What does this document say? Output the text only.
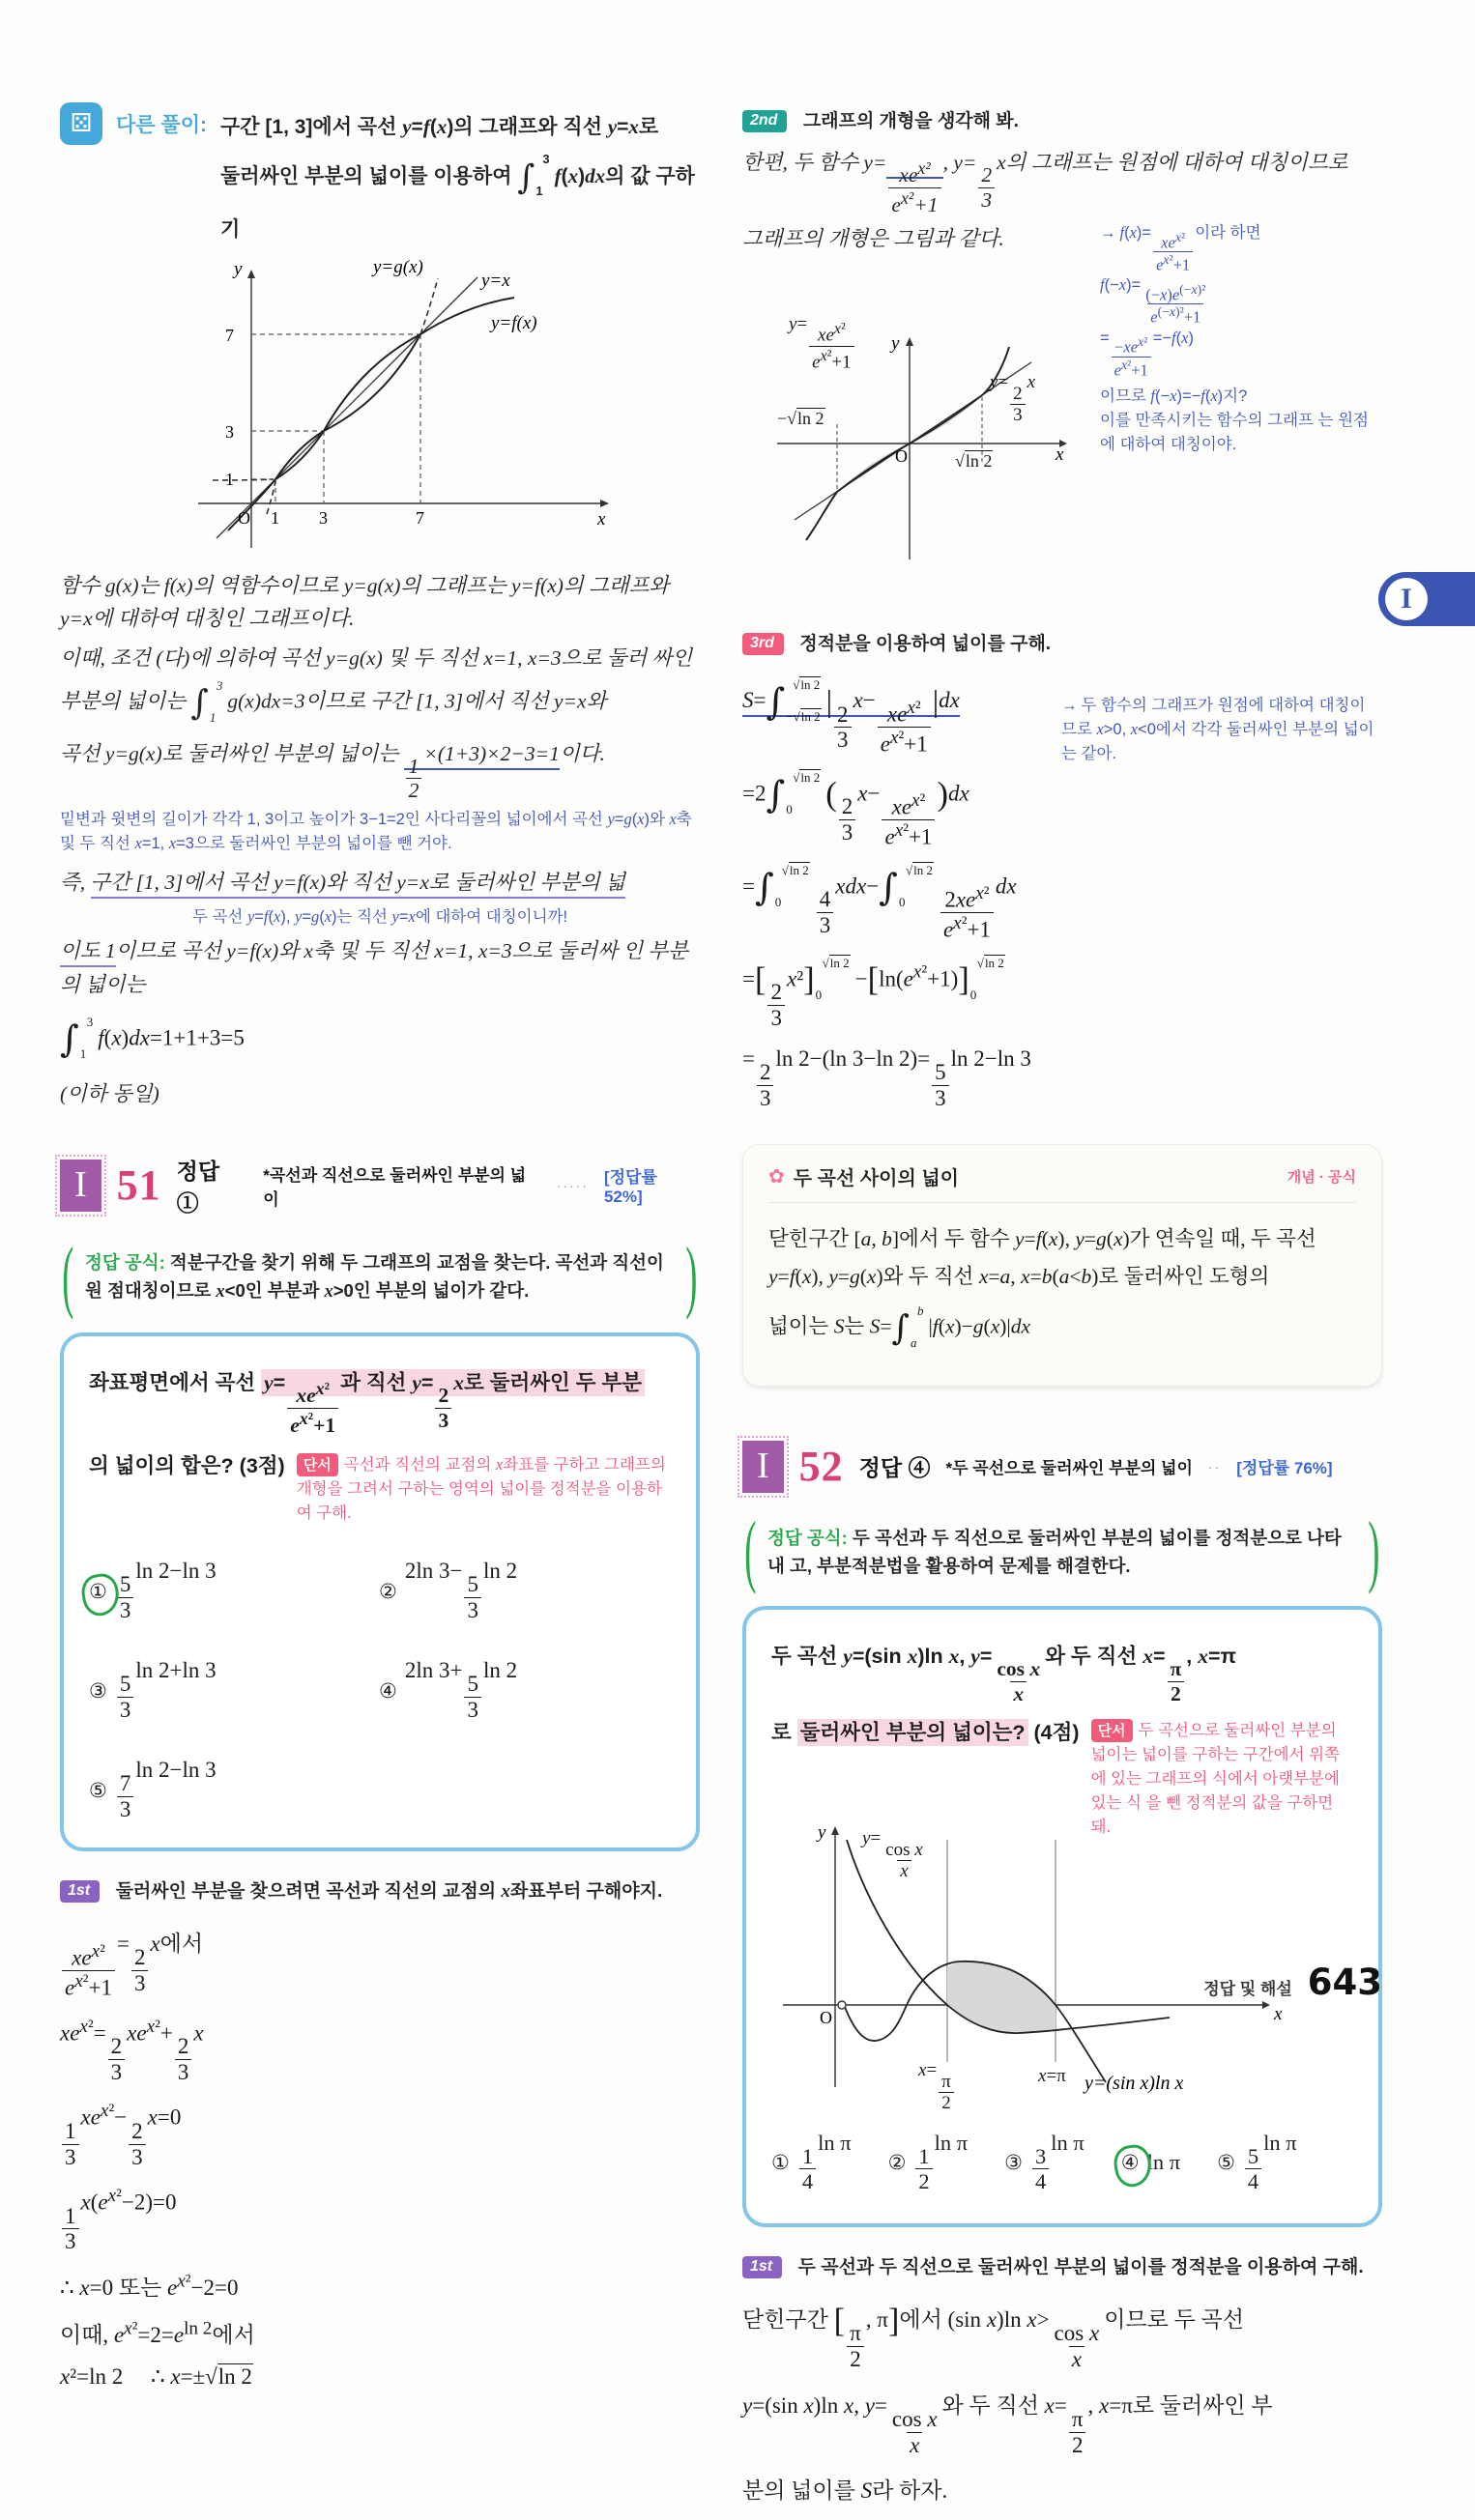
⚄	다른 풀이: 구간 [1, 3]에서 곡선 y=f(x)의 그래프와 직선 y=x로
둘러싸인 부분의 넓이를 이용하여 ∫ 3
1
f(x)dx의 값 구하기
y=g(x)
y=x
y=f(x)
7
3
1
O 1 3	7	x
y
함수 g(x)는 f(x)의 역함수이므로 y=g(x)의 그래프는 y=f(x)의 그래프와 y=x에 대하여 대칭인 그래프이다.
이때, 조건 (다)에 의하여 곡선 y=g(x) 및 두 직선 x=1, x=3으로 둘러 싸인 부분의 넓이는 ∫ 3
1
g(x)dx=3이므로 구간 [1, 3]에서 직선 y=x와
곡선 y=g(x)로 둘러싸인 부분의 넓이는
$\frac{1}{2}$
×(1+3)×2−3=1이다.
밑변과 윗변의 길이가 각각 1, 3이고 높이가 3−1=2인 사다리꼴의 넓이에서 곡선 y=g(x)와 x축 및 두 직선 x=1, x=3으로 둘러싸인 부분의 넓이를 뺀 거야.
즉, 구간 [1, 3]에서 곡선 y=f(x)와 직선 y=x로 둘러싸인 부분의 넓
두 곡선 y=f(x), y=g(x)는 직선 y=x에 대하여 대칭이니까!
이도 1이므로 곡선 y=f(x)와 x축 및 두 직선 x=1, x=3으로 둘러싸 인 부분의 넓이는
∫ 3
1
f(x)dx=1+1+3=5
(이하 동일)
I 51 정답 ①
*곡선과 직선으로 둘러싸인 부분의 넓이
····· [정답률 52%]
( 정답 공식: 적분구간을 찾기 위해 두 그래프의 교점을 찾는다. 곡선과 직선이 원 점대칭이므로 x<0인 부분과 x>0인 부분의 넓이가 같다. )
좌표평면에서 곡선 y=
$xe^{x^2}$
$e^{x^2}+1$
과 직선 y=
$\frac{2}{3}$
x로 둘러싸인 두 부분
의 넓이의 합은? (3점)	단서 곡선과 직선의 교점의 x좌표를 구하고 그래프의 개형을 그려서 구하는 영역의 넓이를 정적분을 이용하여 구해.
① $\frac{5}{3}$
ln 2−ln 3
②
2ln 3−
$\frac{5}{3}$
ln 2
③ $\frac{5}{3}$
ln 2+ln 3
④
2ln 3+
$\frac{5}{3}$
ln 2
⑤ $\frac{7}{3}$
ln 2−ln 3
1st 둘러싸인 부분을 찾으려면 곡선과 직선의 교점의 x좌표부터 구해야지.
$xe^{x^2}$
$e^{x^2}+1$
=
$\frac{2}{3}$
x에서
$xe^{x^2}=$
$\frac{2}{3}$
$xe^{x^2}+$
$\frac{2}{3}$
x
$\frac{1}{3}$
$xe^{x^2}-$
$\frac{2}{3}$
x=0
$\frac{1}{3}$
$x(e^{x^2}-2)=0$
∴ x=0 또는 $e^{x^2}-2=0$
이때, $e^{x^2}=2=e^{ln 2}$에서
x²=ln 2     ∴ x=±√ln 2
2nd 그래프의 개형을 생각해 봐.
한편, 두 함수 y=
$xe^{x^2}$
$e^{x^2}+1$
, y=
$\frac{2}{3}$
x의 그래프는 원점에 대하여 대칭이므로
그래프의 개형은 그림과 같다.	→ f(x)=
$xe^{x^2}$
$e^{x^2}+1$
이라 하면
$f(-x)= \frac{(-x)e^{(-x)^2}}{e^{(-x)^2}+1}$
=
$-xe^{x^2}$
$e^{x^2}+1$
=−f(x)
이므로 f(−x)=−f(x)지?
이를 만족시키는 함수의 그래프 는 원점에 대하여 대칭이야.
O	x
y
y=
$xe^{x^2}$
$e^{x^2}+1$
y=
$\frac{2}{3}$
x
−√ln 2
√ln 2
3rd 정적분을 이용하여 넓이를 구해.
S=∫ √ln 2
−√ln 2 |
$\frac{2}{3}$
x−
$xe^{x^2}$
$e^{x^2}+1$
|dx	→ 두 함수의 그래프가 원점에 대하여 대칭이므로 x>0, x<0에서 각각 둘러싸인 부분의 넓이는 같아.
=2∫ √ln 2
0	(
$\frac{2}{3}$
x−
$xe^{x^2}$
$e^{x^2}+1$
)dx
=∫ √ln 2
0	$\frac{4}{3}$
xdx−∫ √ln 2
0	$2xe^{x^2}$
$e^{x^2}+1$
dx
=[
$\frac{2}{3}$
x²] √ln 2
0
$-[\ln(e^{x^2}+1)]$ √ln 2
0
=
$\frac{2}{3}$
ln 2−(ln 3−ln 2)=
$\frac{5}{3}$
ln 2−ln 3
✿ 두 곡선 사이의 넓이	개념 · 공식
닫힌구간 [a, b]에서 두 함수 y=f(x), y=g(x)가 연속일 때, 두 곡선 y=f(x), y=g(x)와 두 직선 x=a, x=b(a<b)로 둘러싸인 도형의
넓이는 S는 S=∫ b
a
|f(x)−g(x)|dx
I 52 정답 ④ *두 곡선으로 둘러싸인 부분의 넓이 ·· [정답률 76%]
( 정답 공식: 두 곡선과 두 직선으로 둘러싸인 부분의 넓이를 정적분으로 나타내 고, 부분적분법을 활용하여 문제를 해결한다. )
두 곡선 y=(sin x)ln x, y=
$\frac{\text{cos x}}{x}$
와 두 직선 x=
$\frac{\pi}{2}$
, x=π
로 둘러싸인 부분의 넓이는? (4점)	단서 두 곡선으로 둘러싸인 부분의 넓이는 넓이를 구하는 구간에서 위쪽에 있는 그래프의 식에서 아랫부분에 있는 식 을 뺀 정적분의 값을 구하면 돼.
O	x
y
y=(sin x)ln x
y=
$\frac{\text{cos x}}{x}$
x=
$\frac{\pi}{2}$	x=π
① $\frac{1}{4}$
ln π
② $\frac{1}{2}$
ln π
③ $\frac{3}{4}$
ln π
④ ln π ⑤ $\frac{5}{4}$
ln π
1st 두 곡선과 두 직선으로 둘러싸인 부분의 넓이를 정적분을 이용하여 구해.
닫힌구간 [
$\frac{\pi}{2}$
, π]에서 (sin x)ln x>
$\frac{\text{cos x}}{x}$
이므로 두 곡선
y=(sin x)ln x, y=
$\frac{\text{cos x}}{x}$
와 두 직선 x=
$\frac{\pi}{2}$
, x=π로 둘러싸인 부
분의 넓이를 S라 하자.
I
정답 및 해설 643
